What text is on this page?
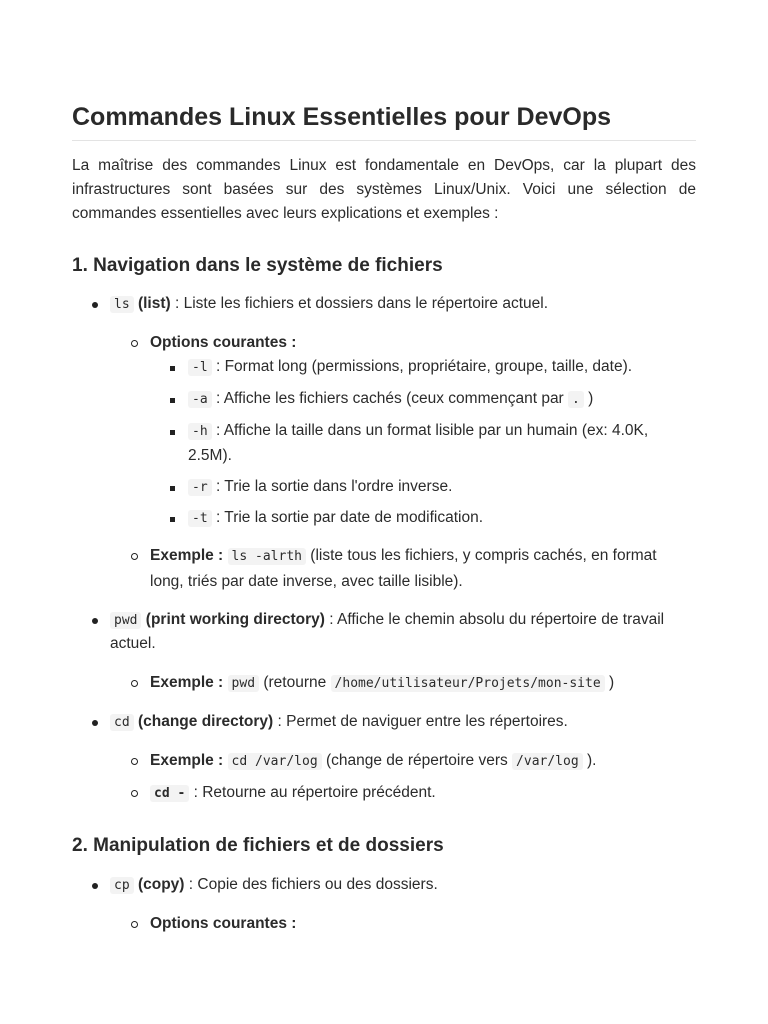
Commandes Linux Essentielles pour DevOps

La maîtrise des commandes Linux est fondamentale en DevOps, car la plupart des infrastructures sont basées sur des systèmes Linux/Unix. Voici une sélection de commandes essentielles avec leurs explications et exemples :

1. Navigation dans le système de fichiers
ls (list) : Liste les fichiers et dossiers dans le répertoire actuel.
Options courantes :
-l : Format long (permissions, propriétaire, groupe, taille, date).
-a : Affiche les fichiers cachés (ceux commençant par . )
-h : Affiche la taille dans un format lisible par un humain (ex: 4.0K,
2.5M).
-r : Trie la sortie dans l'ordre inverse.
-t : Trie la sortie par date de modification.
Exemple : ls -alrth (liste tous les fichiers, y compris cachés, en format
long, triés par date inverse, avec taille lisible).
pwd (print working directory) : Affiche le chemin absolu du répertoire de travail
actuel.
Exemple : pwd (retourne /home/utilisateur/Projets/mon-site )
cd (change directory) : Permet de naviguer entre les répertoires.
Exemple : cd /var/log (change de répertoire vers /var/log ).
cd - : Retourne au répertoire précédent.
2. Manipulation de fichiers et de dossiers
cp (copy) : Copie des fichiers ou des dossiers.
Options courantes :
